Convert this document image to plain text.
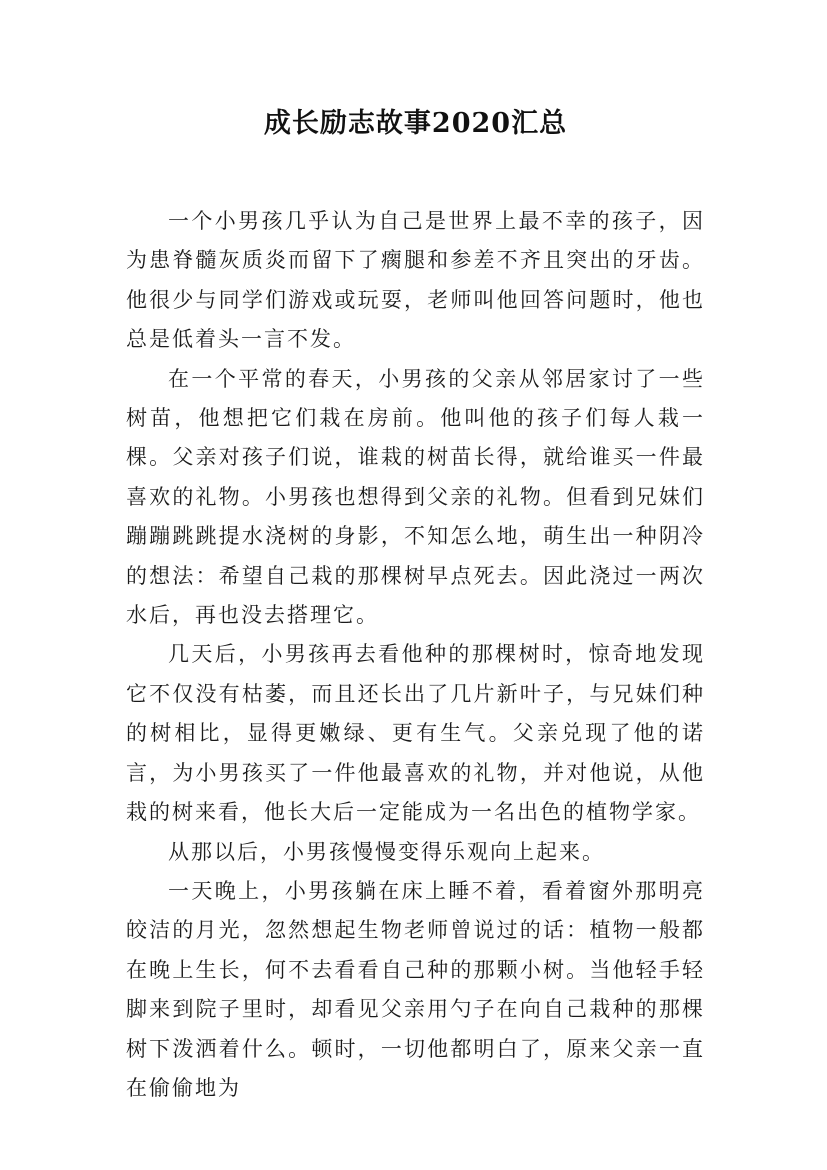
成长励志故事2020汇总

一个小男孩几乎认为自己是世界上最不幸的孩子，因为患脊髓灰质炎而留下了瘸腿和参差不齐且突出的牙齿。他很少与同学们游戏或玩耍，老师叫他回答问题时，他也总是低着头一言不发。

在一个平常的春天，小男孩的父亲从邻居家讨了一些树苗，他想把它们栽在房前。他叫他的孩子们每人栽一棵。父亲对孩子们说，谁栽的树苗长得，就给谁买一件最喜欢的礼物。小男孩也想得到父亲的礼物。但看到兄妹们蹦蹦跳跳提水浇树的身影，不知怎么地，萌生出一种阴冷的想法：希望自己栽的那棵树早点死去。因此浇过一两次水后，再也没去搭理它。

几天后，小男孩再去看他种的那棵树时，惊奇地发现它不仅没有枯萎，而且还长出了几片新叶子，与兄妹们种的树相比，显得更嫩绿、更有生气。父亲兑现了他的诺言，为小男孩买了一件他最喜欢的礼物，并对他说，从他栽的树来看，他长大后一定能成为一名出色的植物学家。

从那以后，小男孩慢慢变得乐观向上起来。

一天晚上，小男孩躺在床上睡不着，看着窗外那明亮皎洁的月光，忽然想起生物老师曾说过的话：植物一般都在晚上生长，何不去看看自己种的那颗小树。当他轻手轻脚来到院子里时，却看见父亲用勺子在向自己栽种的那棵树下泼洒着什么。顿时，一切他都明白了，原来父亲一直在偷偷地为
